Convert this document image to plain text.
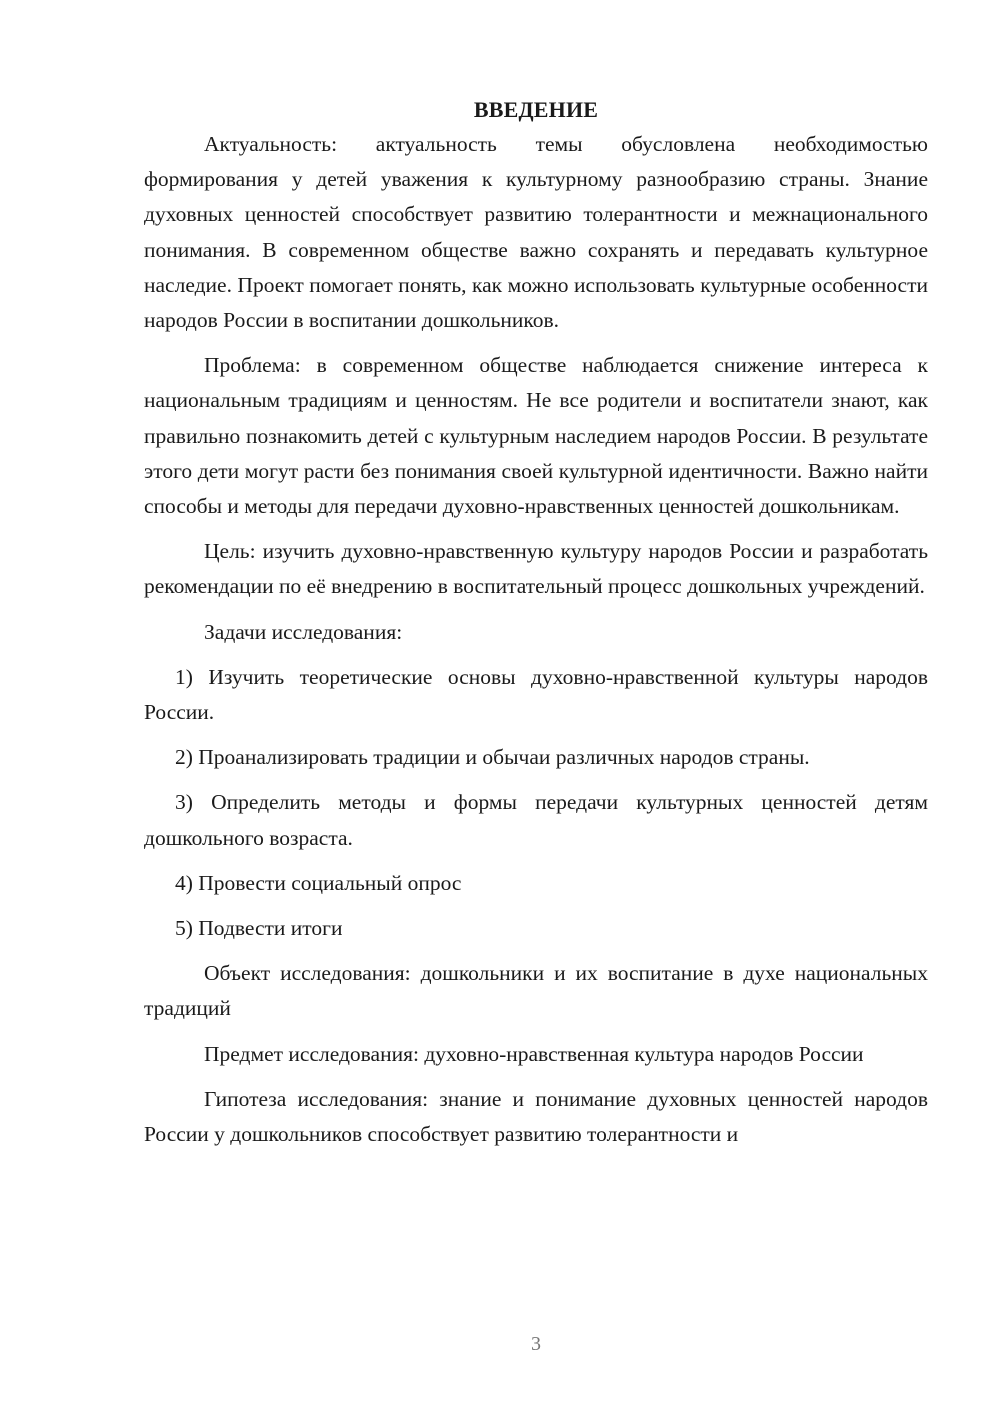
ВВЕДЕНИЕ

Актуальность: актуальность темы обусловлена необходимостью формирования у детей уважения к культурному разнообразию страны. Знание духовных ценностей способствует развитию толерантности и межнационального понимания. В современном обществе важно сохранять и передавать культурное наследие. Проект помогает понять, как можно использовать культурные особенности народов России в воспитании дошкольников.

Проблема: в современном обществе наблюдается снижение интереса к национальным традициям и ценностям. Не все родители и воспитатели знают, как правильно познакомить детей с культурным наследием народов России. В результате этого дети могут расти без понимания своей культурной идентичности. Важно найти способы и методы для передачи духовно-нравственных ценностей дошкольникам.

Цель: изучить духовно-нравственную культуру народов России и разработать рекомендации по её внедрению в воспитательный процесс дошкольных учреждений.

Задачи исследования:

1) Изучить теоретические основы духовно-нравственной культуры народов России.

2) Проанализировать традиции и обычаи различных народов страны.

3) Определить методы и формы передачи культурных ценностей детям дошкольного возраста.

4) Провести социальный опрос

5) Подвести итоги

Объект исследования: дошкольники и их воспитание в духе национальных традиций

Предмет исследования: духовно-нравственная культура народов России

Гипотеза исследования: знание и понимание духовных ценностей народов России у дошкольников способствует развитию толерантности и

3
